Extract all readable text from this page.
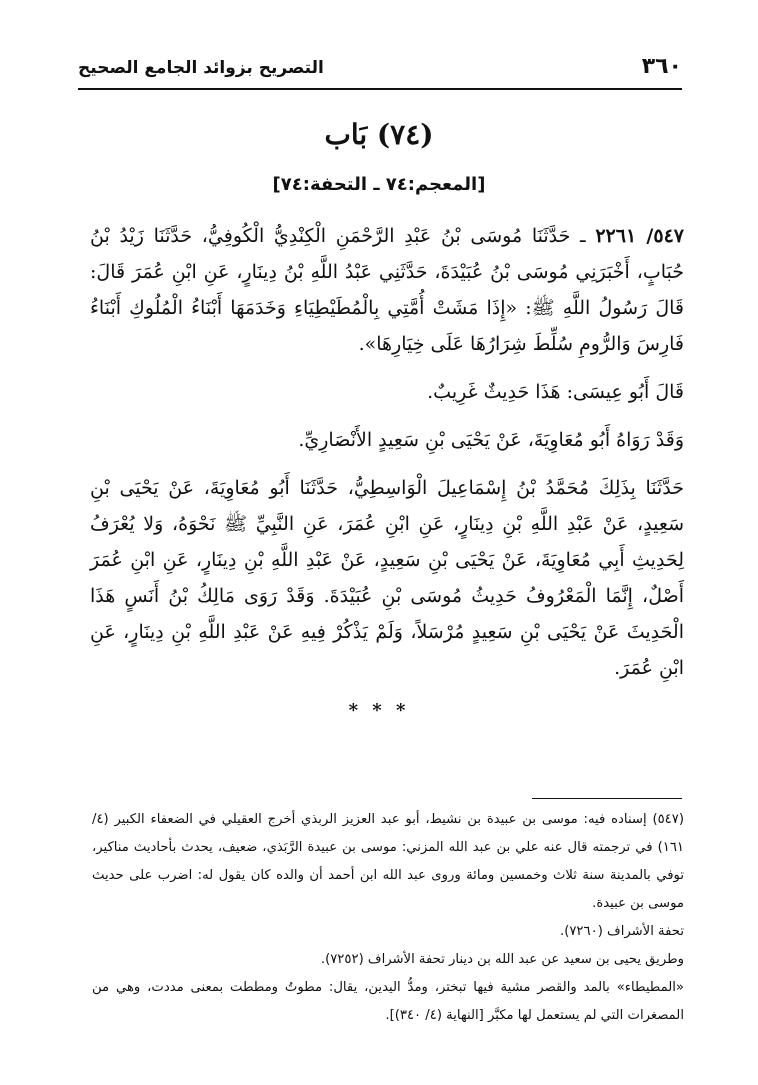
التصريح بزوائد الجامع الصحيح	٣٦٠
(٧٤) بَاب
[المعجم:٧٤ ـ التحفة:٧٤]

٥٤٧/ ٢٢٦١ ـ حَدَّثَنَا مُوسَى بْنُ عَبْدِ الرَّحْمَنِ الْكِنْدِيُّ الْكُوفِيُّ، حَدَّثَنَا زَيْدُ بْنُ حُبَابٍ، أَخْبَرَنِي مُوسَى بْنُ عُبَيْدَةَ، حَدَّثَنِي عَبْدُ اللَّهِ بْنُ دِينَارٍ، عَنِ ابْنِ عُمَرَ قَالَ: قَالَ رَسُولُ اللَّهِ ﷺ: «إِذَا مَشَتْ أُمَّتِي بِالْمُطَيْطِيَاءِ وَخَدَمَهَا أَبْنَاءُ الْمُلُوكِ أَبْنَاءُ فَارِسَ وَالرُّومِ سُلِّطَ شِرَارُهَا عَلَى خِيَارِهَا».

قَالَ أَبُو عِيسَى: هَذَا حَدِيثٌ غَرِيبٌ.

وَقَدْ رَوَاهُ أَبُو مُعَاوِيَةَ، عَنْ يَحْيَى بْنِ سَعِيدٍ الأَنْصَارِيِّ.

حَدَّثَنَا بِذَلِكَ مُحَمَّدُ بْنُ إِسْمَاعِيلَ الْوَاسِطِيُّ، حَدَّثَنَا أَبُو مُعَاوِيَةَ، عَنْ يَحْيَى بْنِ سَعِيدٍ، عَنْ عَبْدِ اللَّهِ بْنِ دِينَارٍ، عَنِ ابْنِ عُمَرَ، عَنِ النَّبِيِّ ﷺ نَحْوَهُ، وَلا يُعْرَفُ لِحَدِيثِ أَبِي مُعَاوِيَةَ، عَنْ يَحْيَى بْنِ سَعِيدٍ، عَنْ عَبْدِ اللَّهِ بْنِ دِينَارٍ، عَنِ ابْنِ عُمَرَ أَصْلٌ، إِنَّمَا الْمَعْرُوفُ حَدِيثُ مُوسَى بْنِ عُبَيْدَةَ. وَقَدْ رَوَى مَالِكُ بْنُ أَنَسٍ هَذَا الْحَدِيثَ عَنْ يَحْيَى بْنِ سَعِيدٍ مُرْسَلاً، وَلَمْ يَذْكُرْ فِيهِ عَنْ عَبْدِ اللَّهِ بْنِ دِينَارٍ، عَنِ ابْنِ عُمَرَ.

* * *

(٥٤٧) إسناده فيه: موسى بن عبيدة بن نشيط، أبو عبد العزيز الربذي أخرج العقيلي في الضعفاء الكبير (٤/ ١٦١) في ترجمته قال عنه علي بن عبد الله المزني: موسى بن عبيدة الرَّبَذي، ضعيف، يحدث بأحاديث مناكير، توفي بالمدينة سنة ثلاث وخمسين ومائة وروى عبد الله ابن أحمد أن والده كان يقول له: اضرب على حديث موسى بن عبيدة.

تحفة الأشراف (٧٢٦٠).

وطريق يحيى بن سعيد عن عبد الله بن دينار تحفة الأشراف (٧٢٥٢).

«المطيطاء» بالمد والقصر مشية فيها تبختر، ومدُّ اليدين، يقال: مطوتُ ومططت بمعنى مددت، وهي من المصغرات التي لم يستعمل لها مكبَّر [النهاية (٤/ ٣٤٠)].
